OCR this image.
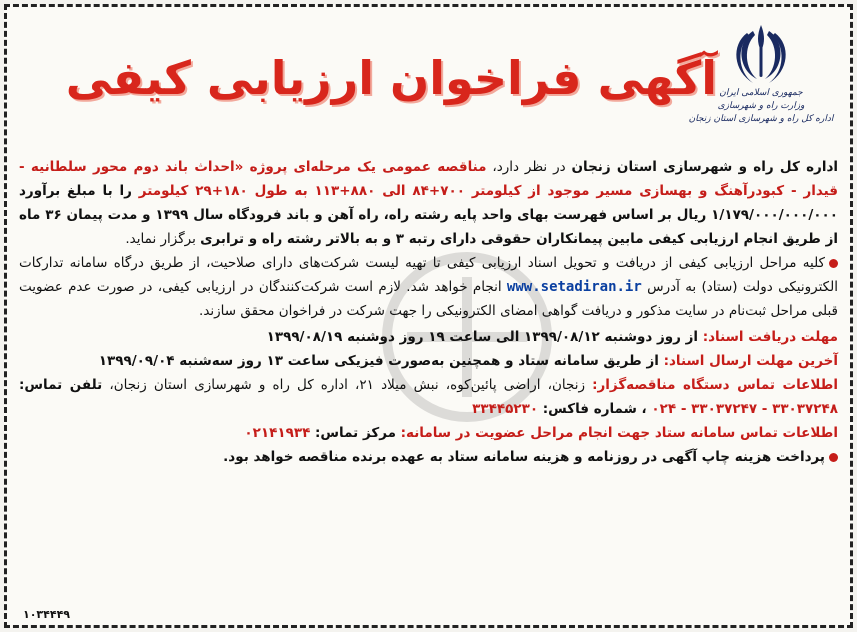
جمهوری اسلامی ایران
وزارت راه و شهرسازی
اداره کل راه و شهرسازی استان زنجان
آگهی فراخوان ارزیابی کیفی

اداره کل راه و شهرسازی استان زنجان در نظر دارد، مناقصه عمومی یک مرحله‌ای پروژه «احداث باند دوم محور سلطانیه - قیدار - کبودرآهنگ و بهسازی مسیر موجود از کیلومتر ۷۰۰+۸۴ الی ۸۸۰+۱۱۳ به طول ۱۸۰+۲۹ کیلومتر را با مبلغ برآورد ۱/۱۷۹/۰۰۰/۰۰۰/۰۰۰ ریال بر اساس فهرست بهای واحد پایه رشته راه، راه آهن و باند فرودگاه سال ۱۳۹۹ و مدت پیمان ۳۶ ماه از طریق انجام ارزیابی کیفی مابین پیمانکاران حقوقی دارای رتبه ۳ و به بالاتر رشته راه و ترابری برگزار نماید.

کلیه مراحل ارزیابی کیفی از دریافت و تحویل اسناد ارزیابی کیفی تا تهیه لیست شرکت‌های دارای صلاحیت، از طریق درگاه سامانه تدارکات الکترونیکی دولت (ستاد) به آدرس www.setadiran.ir انجام خواهد شد. لازم است شرکت‌کنندگان در ارزیابی کیفی، در صورت عدم عضویت قبلی مراحل ثبت‌نام در سایت مذکور و دریافت گواهی امضای الکترونیکی را جهت شرکت در فراخوان محقق سازند.

مهلت دریافت اسناد: از روز دوشنبه ۱۳۹۹/۰۸/۱۲ الی ساعت ۱۹ روز دوشنبه ۱۳۹۹/۰۸/۱۹

آخرین مهلت ارسال اسناد: از طریق سامانه ستاد و همچنین به‌صورت فیزیکی ساعت ۱۳ روز سه‌شنبه ۱۳۹۹/۰۹/۰۴

اطلاعات تماس دستگاه مناقصه‌گزار: زنجان، اراضی پائین‌کوه، نبش میلاد ۲۱، اداره کل راه و شهرسازی استان زنجان، تلفن تماس: ۳۳۰۳۷۲۴۸ - ۳۳۰۳۷۲۴۷ - ۰۲۴ ، شماره فاکس: ۳۳۴۴۵۲۳۰

اطلاعات تماس سامانه ستاد جهت انجام مراحل عضویت در سامانه: مرکز تماس: ۰۲۱۴۱۹۳۴

پرداخت هزینه چاپ آگهی در روزنامه و هزینه سامانه ستاد به عهده برنده مناقصه خواهد بود.

۱۰۳۴۴۴۹
